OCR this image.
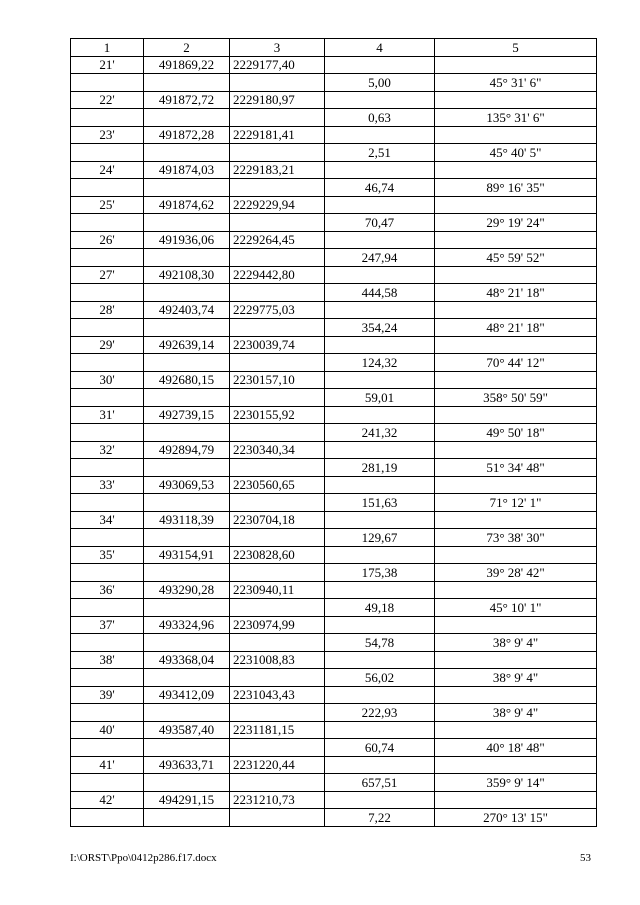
1	2	3	4	5
21'	491869,22	2229177,40		
			5,00	45° 31' 6"
22'	491872,72	2229180,97		
			0,63	135° 31' 6"
23'	491872,28	2229181,41		
			2,51	45° 40' 5"
24'	491874,03	2229183,21		
			46,74	89° 16' 35"
25'	491874,62	2229229,94		
			70,47	29° 19' 24"
26'	491936,06	2229264,45		
			247,94	45° 59' 52"
27'	492108,30	2229442,80		
			444,58	48° 21' 18"
28'	492403,74	2229775,03		
			354,24	48° 21' 18"
29'	492639,14	2230039,74		
			124,32	70° 44' 12"
30'	492680,15	2230157,10		
			59,01	358° 50' 59"
31'	492739,15	2230155,92		
			241,32	49° 50' 18"
32'	492894,79	2230340,34		
			281,19	51° 34' 48"
33'	493069,53	2230560,65		
			151,63	71° 12' 1"
34'	493118,39	2230704,18		
			129,67	73° 38' 30"
35'	493154,91	2230828,60		
			175,38	39° 28' 42"
36'	493290,28	2230940,11		
			49,18	45° 10' 1"
37'	493324,96	2230974,99		
			54,78	38° 9' 4"
38'	493368,04	2231008,83		
			56,02	38° 9' 4"
39'	493412,09	2231043,43		
			222,93	38° 9' 4"
40'	493587,40	2231181,15		
			60,74	40° 18' 48"
41'	493633,71	2231220,44		
			657,51	359° 9' 14"
42'	494291,15	2231210,73		
			7,22	270° 13' 15"
I:\ORST\Ppo\0412p286.f17.docx	53
